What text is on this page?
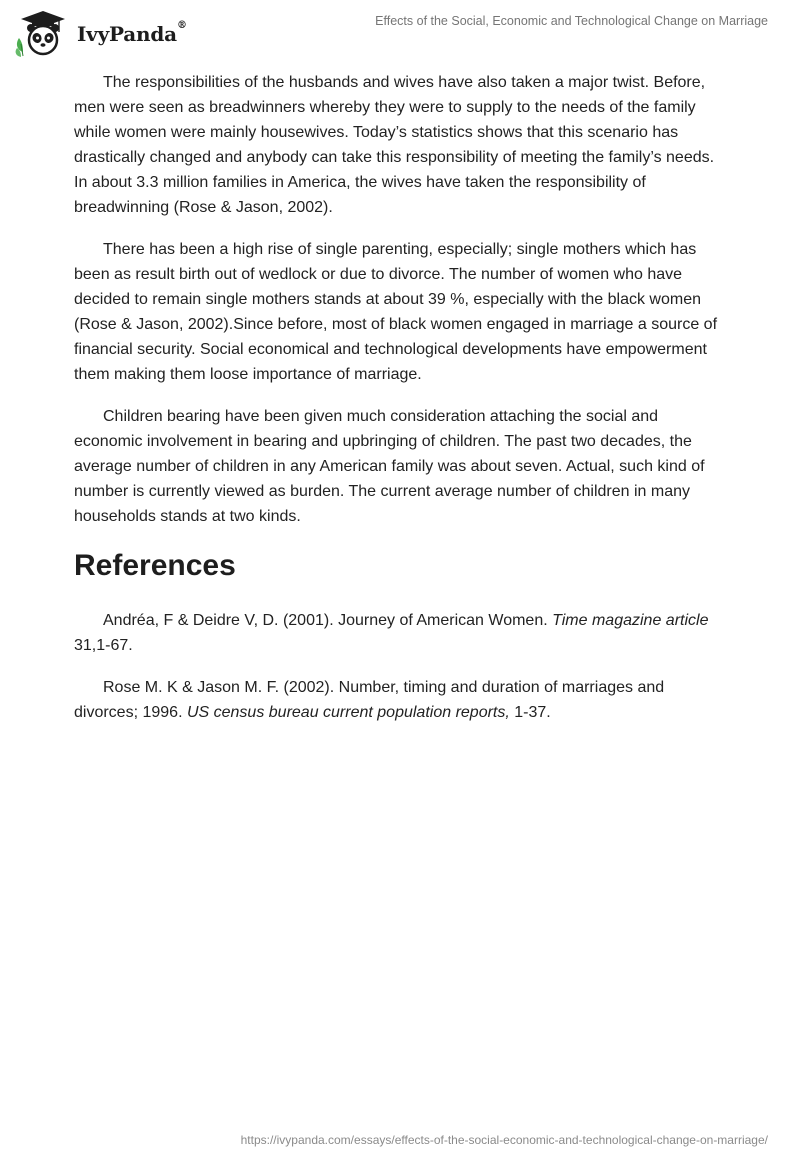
IvyPanda®	Effects of the Social, Economic and Technological Change on Marriage

The responsibilities of the husbands and wives have also taken a major twist. Before, men were seen as breadwinners whereby they were to supply to the needs of the family while women were mainly housewives. Today’s statistics shows that this scenario has drastically changed and anybody can take this responsibility of meeting the family’s needs. In about 3.3 million families in America, the wives have taken the responsibility of breadwinning (Rose & Jason, 2002).

There has been a high rise of single parenting, especially; single mothers which has been as result birth out of wedlock or due to divorce. The number of women who have decided to remain single mothers stands at about 39 %, especially with the black women (Rose & Jason, 2002).Since before, most of black women engaged in marriage a source of financial security. Social economical and technological developments have empowerment them making them loose importance of marriage.

Children bearing have been given much consideration attaching the social and economic involvement in bearing and upbringing of children. The past two decades, the average number of children in any American family was about seven. Actual, such kind of number is currently viewed as burden. The current average number of children in many households stands at two kinds.

References

Andréa, F & Deidre V, D. (2001). Journey of American Women. Time magazine article 31,1-67.

Rose M. K & Jason M. F. (2002). Number, timing and duration of marriages and divorces; 1996. US census bureau current population reports, 1-37.

https://ivypanda.com/essays/effects-of-the-social-economic-and-technological-change-on-marriage/
